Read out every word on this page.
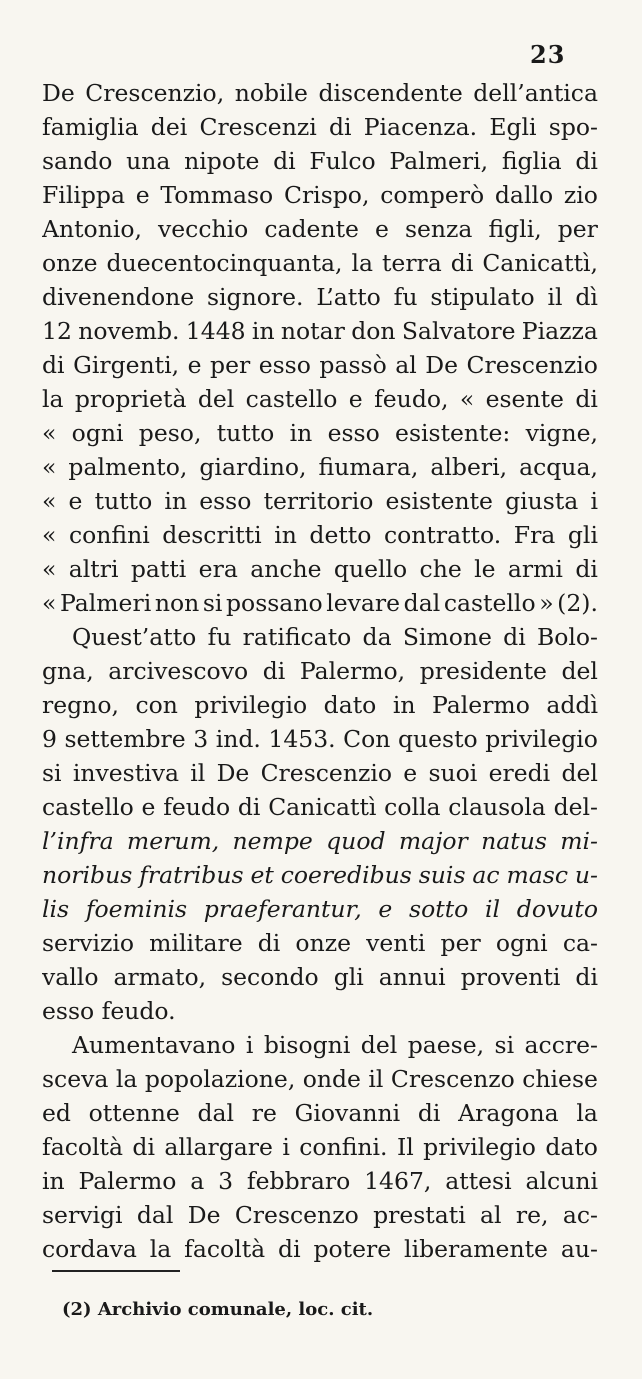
23
De Crescenzio, nobile discendente dell’antica
famiglia dei Crescenzi di Piacenza. Egli spo-
sando una nipote di Fulco Palmeri, figlia di
Filippa e Tommaso Crispo, comperò dallo zio
Antonio, vecchio cadente e senza figli, per
onze duecentocinquanta, la terra di Canicattì,
divenendone signore. L’atto fu stipulato il dì
12 novemb. 1448 in notar don Salvatore Piazza
di Girgenti, e per esso passò al De Crescenzio
la proprietà del castello e feudo, « esente di
« ogni peso, tutto in esso esistente: vigne,
« palmento, giardino, fiumara, alberi, acqua,
« e tutto in esso territorio esistente giusta i
« confini descritti in detto contratto. Fra gli
« altri patti era anche quello che le armi di
« Palmeri non si possano levare dal castello » (2).
Quest’atto fu ratificato da Simone di Bolo-
gna, arcivescovo di Palermo, presidente del
regno, con privilegio dato in Palermo addì
9 settembre 3 ind. 1453. Con questo privilegio
si investiva il De Crescenzio e suoi eredi del
castello e feudo di Canicattì colla clausola del-
l’infra merum, nempe quod major natus mi-
noribus fratribus et coeredibus suis ac masc u-
lis foeminis praeferantur, e sotto il dovuto
servizio militare di onze venti per ogni ca-
vallo armato, secondo gli annui proventi di
esso feudo.
Aumentavano i bisogni del paese, si accre-
sceva la popolazione, onde il Crescenzo chiese
ed ottenne dal re Giovanni di Aragona la
facoltà di allargare i confini. Il privilegio dato
in Palermo a 3 febbraro 1467, attesi alcuni
servigi dal De Crescenzo prestati al re, ac-
cordava la facoltà di potere liberamente au-
(2) Archivio comunale, loc. cit.
